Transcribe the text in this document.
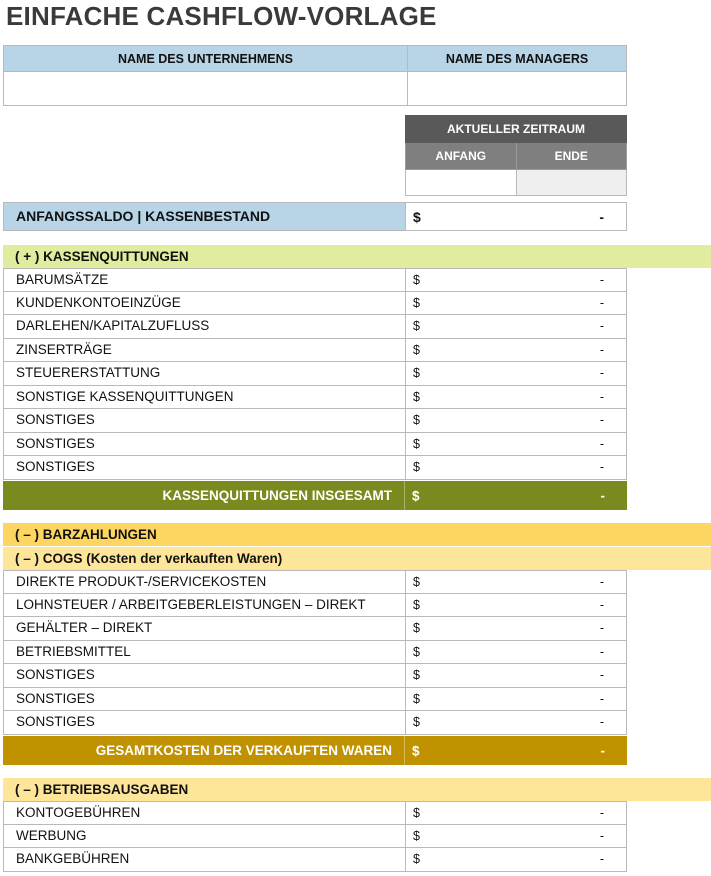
EINFACHE CASHFLOW-VORLAGE
NAME DES UNTERNEHMENS	NAME DES MANAGERS

AKTUELLER ZEITRAUM	
ANFANG	ENDE

ANFANGSSALDO | KASSENBESTAND	$	-
( + ) KASSENQUITTUNGEN
BARUMSÄTZE	$	-
KUNDENKONTOEINZÜGE	$	-
DARLEHEN/KAPITALZUFLUSS	$	-
ZINSERTRÄGE	$	-
STEUERERSTATTUNG	$	-
SONSTIGE KASSENQUITTUNGEN	$	-
SONSTIGES	$	-
SONSTIGES	$	-
SONSTIGES	$	-
KASSENQUITTUNGEN INSGESAMT	$	-
( – ) BARZAHLUNGEN
( – ) COGS (Kosten der verkauften Waren)
DIREKTE PRODUKT-/SERVICEKOSTEN	$	-
LOHNSTEUER / ARBEITGEBERLEISTUNGEN – DIREKT	$	-
GEHÄLTER – DIREKT	$	-
BETRIEBSMITTEL	$	-
SONSTIGES	$	-
SONSTIGES	$	-
SONSTIGES	$	-
GESAMTKOSTEN DER VERKAUFTEN WAREN	$	-
( – ) BETRIEBSAUSGABEN
KONTOGEBÜHREN	$	-
WERBUNG	$	-
BANKGEBÜHREN	$	-
